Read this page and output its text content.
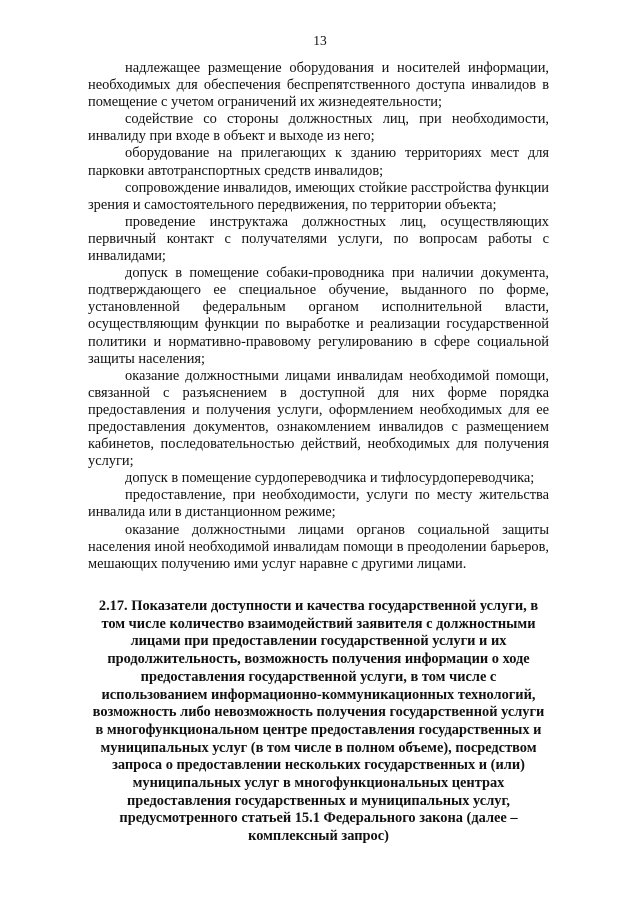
13

надлежащее размещение оборудования и носителей информации, необходимых для обеспечения беспрепятственного доступа инвалидов в помещение с учетом ограничений их жизнедеятельности;

содействие со стороны должностных лиц, при необходимости, инвалиду при входе в объект и выходе из него;

оборудование на прилегающих к зданию территориях мест для парковки автотранспортных средств инвалидов;

сопровождение инвалидов, имеющих стойкие расстройства функции зрения и самостоятельного передвижения, по территории объекта;

проведение инструктажа должностных лиц, осуществляющих первичный контакт с получателями услуги, по вопросам работы с инвалидами;

допуск в помещение собаки-проводника при наличии документа, подтверждающего ее специальное обучение, выданного по форме, установленной федеральным органом исполнительной власти, осуществляющим функции по выработке и реализации государственной политики и нормативно-правовому регулированию в сфере социальной защиты населения;

оказание должностными лицами инвалидам необходимой помощи, связанной с разъяснением в доступной для них форме порядка предоставления и получения услуги, оформлением необходимых для ее предоставления документов, ознакомлением инвалидов с размещением кабинетов, последовательностью действий, необходимых для получения услуги;

допуск в помещение сурдопереводчика и тифлосурдопереводчика;

предоставление, при необходимости, услуги по месту жительства инвалида или в дистанционном режиме;

оказание должностными лицами органов социальной защиты населения иной необходимой инвалидам помощи в преодолении барьеров, мешающих получению ими услуг наравне с другими лицами.

2.17. Показатели доступности и качества государственной услуги, в том числе количество взаимодействий заявителя с должностными лицами при предоставлении государственной услуги и их продолжительность, возможность получения информации о ходе предоставления государственной услуги, в том числе с использованием информационно-коммуникационных технологий, возможность либо невозможность получения государственной услуги в многофункциональном центре предоставления государственных и муниципальных услуг (в том числе в полном объеме), посредством запроса о предоставлении нескольких государственных и (или) муниципальных услуг в многофункциональных центрах предоставления государственных и муниципальных услуг, предусмотренного статьей 15.1 Федерального закона (далее – комплексный запрос)
